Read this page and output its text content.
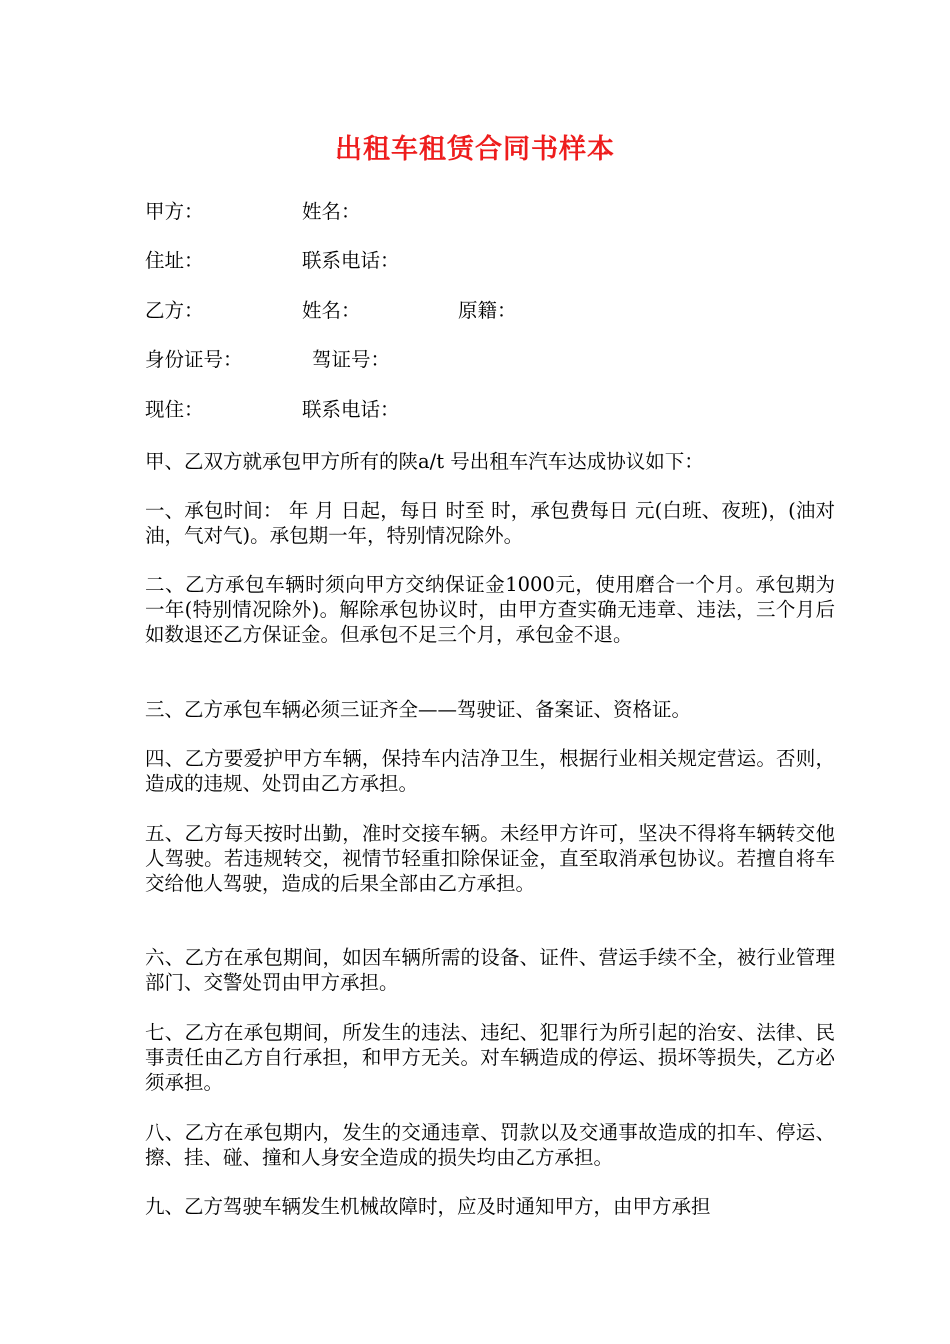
出租车租赁合同书样本
甲方：	姓名：
住址：	联系电话：
乙方：	姓名：	原籍：
身份证号：	驾证号：
现住：	联系电话：
甲、乙双方就承包甲方所有的陕a/t 号出租车汽车达成协议如下：
一、承包时间： 年 月 日起，每日 时至 时，承包费每日 元(白班、夜班)，(油对油，气对气)。承包期一年，特别情况除外。
二、乙方承包车辆时须向甲方交纳保证金1000元，使用磨合一个月。承包期为一年(特别情况除外)。解除承包协议时，由甲方查实确无违章、违法，三个月后如数退还乙方保证金。但承包不足三个月，承包金不退。
三、乙方承包车辆必须三证齐全——驾驶证、备案证、资格证。
四、乙方要爱护甲方车辆，保持车内洁净卫生，根据行业相关规定营运。否则，造成的违规、处罚由乙方承担。
五、乙方每天按时出勤，准时交接车辆。未经甲方许可，坚决不得将车辆转交他人驾驶。若违规转交，视情节轻重扣除保证金，直至取消承包协议。若擅自将车交给他人驾驶，造成的后果全部由乙方承担。
六、乙方在承包期间，如因车辆所需的设备、证件、营运手续不全，被行业管理部门、交警处罚由甲方承担。
七、乙方在承包期间，所发生的违法、违纪、犯罪行为所引起的治安、法律、民事责任由乙方自行承担，和甲方无关。对车辆造成的停运、损坏等损失，乙方必须承担。
八、乙方在承包期内，发生的交通违章、罚款以及交通事故造成的扣车、停运、擦、挂、碰、撞和人身安全造成的损失均由乙方承担。
九、乙方驾驶车辆发生机械故障时，应及时通知甲方，由甲方承担
